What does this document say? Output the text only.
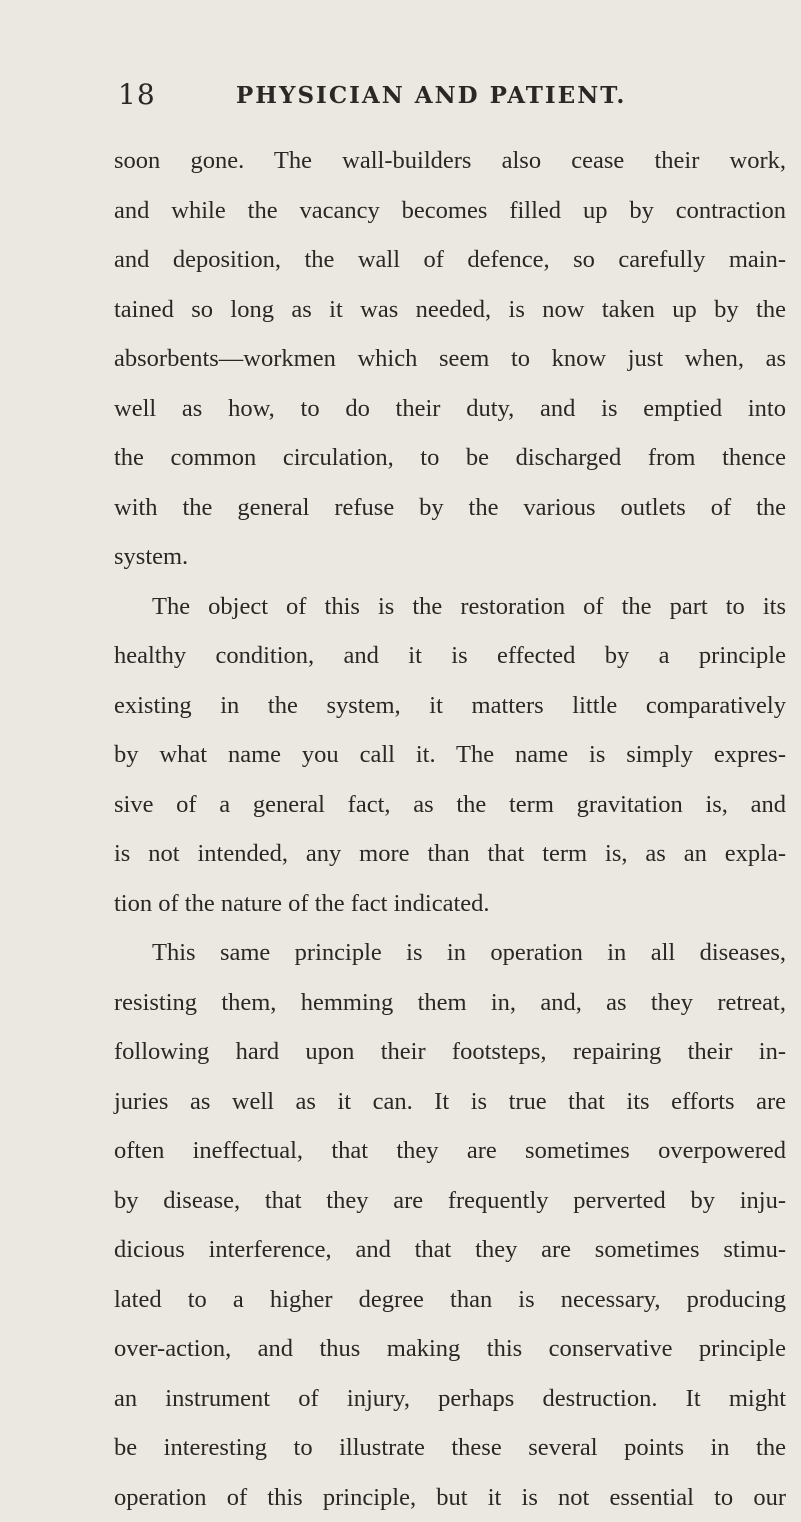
18	PHYSICIAN AND PATIENT.
soon gone. The wall-builders also cease their work,
and while the vacancy becomes filled up by contraction
and deposition, the wall of defence, so carefully main-
tained so long as it was needed, is now taken up by the
absorbents—workmen which seem to know just when, as
well as how, to do their duty, and is emptied into
the common circulation, to be discharged from thence
with the general refuse by the various outlets of the
system.
The object of this is the restoration of the part to its
healthy condition, and it is effected by a principle
existing in the system, it matters little comparatively
by what name you call it. The name is simply expres-
sive of a general fact, as the term gravitation is, and
is not intended, any more than that term is, as an expla-
tion of the nature of the fact indicated.
This same principle is in operation in all diseases,
resisting them, hemming them in, and, as they retreat,
following hard upon their footsteps, repairing their in-
juries as well as it can. It is true that its efforts are
often ineffectual, that they are sometimes overpowered
by disease, that they are frequently perverted by inju-
dicious interference, and that they are sometimes stimu-
lated to a higher degree than is necessary, producing
over-action, and thus making this conservative principle
an instrument of injury, perhaps destruction. It might
be interesting to illustrate these several points in the
operation of this principle, but it is not essential to our
